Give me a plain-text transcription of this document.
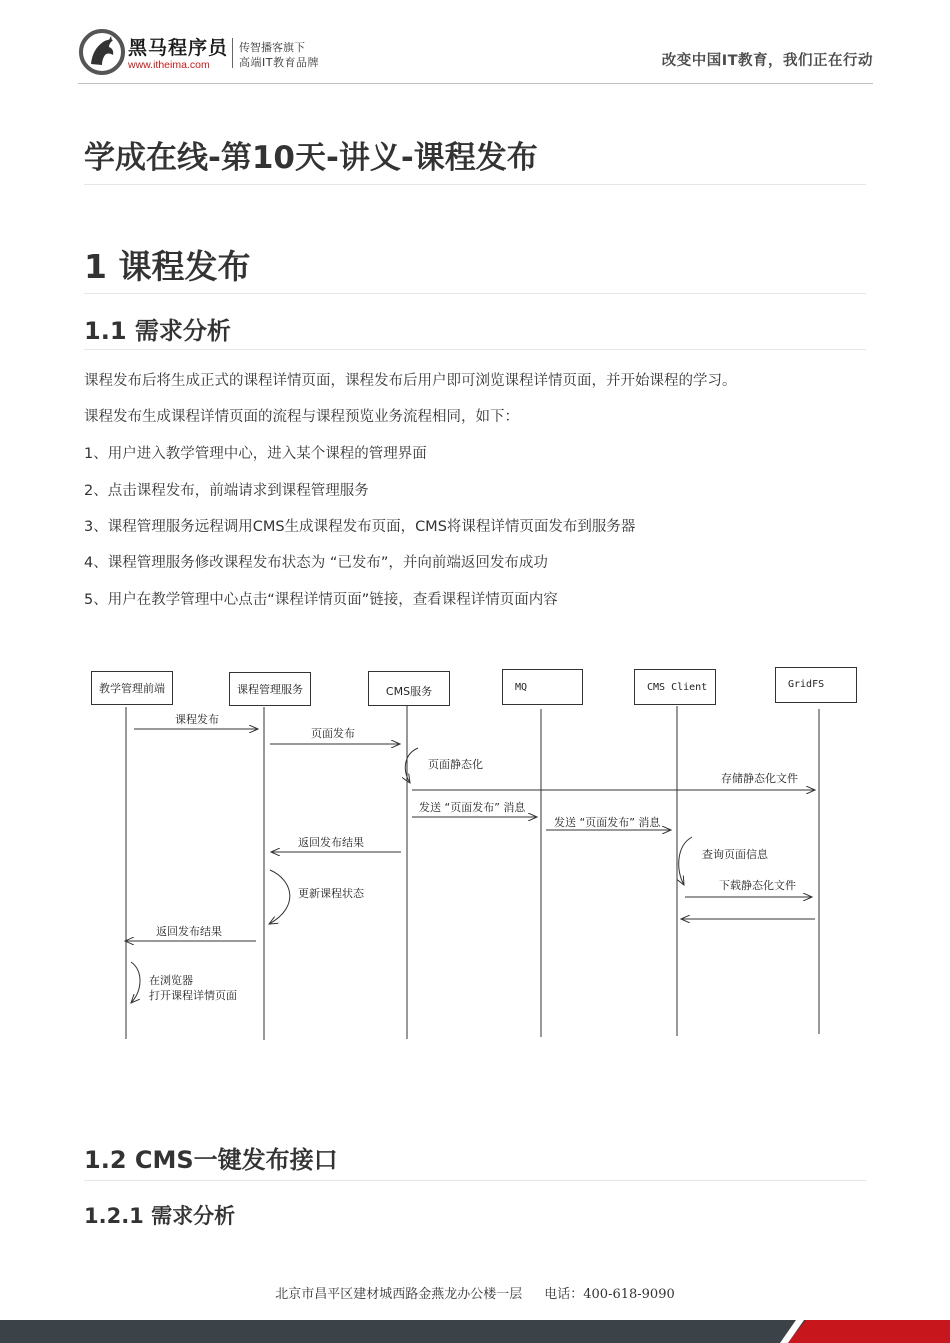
黑马程序员
www.itheima.com
传智播客旗下
高端IT教育品牌	改变中国IT教育，我们正在行动
学成在线-第10天-讲义-课程发布
1 课程发布
1.1 需求分析
课程发布后将生成正式的课程详情页面，课程发布后用户即可浏览课程详情页面，并开始课程的学习。
课程发布生成课程详情页面的流程与课程预览业务流程相同，如下：
1、用户进入教学管理中心，进入某个课程的管理界面
2、点击课程发布，前端请求到课程管理服务
3、课程管理服务远程调用CMS生成课程发布页面，CMS将课程详情页面发布到服务器
4、课程管理服务修改课程发布状态为 “已发布”，并向前端返回发布成功
5、用户在教学管理中心点击“课程详情页面”链接，查看课程详情页面内容
教学管理前端	课程管理服务	CMS服务	MQ	CMS Client	GridFS
课程发布
页面发布
页面静态化
存储静态化文件
发送 “页面发布” 消息
发送 “页面发布” 消息
返回发布结果
查询页面信息
下载静态化文件
更新课程状态
返回发布结果
在浏览器
打开课程详情页面
1.2 CMS一键发布接口
1.2.1 需求分析
北京市昌平区建材城西路金燕龙办公楼一层 电话：400-618-9090
